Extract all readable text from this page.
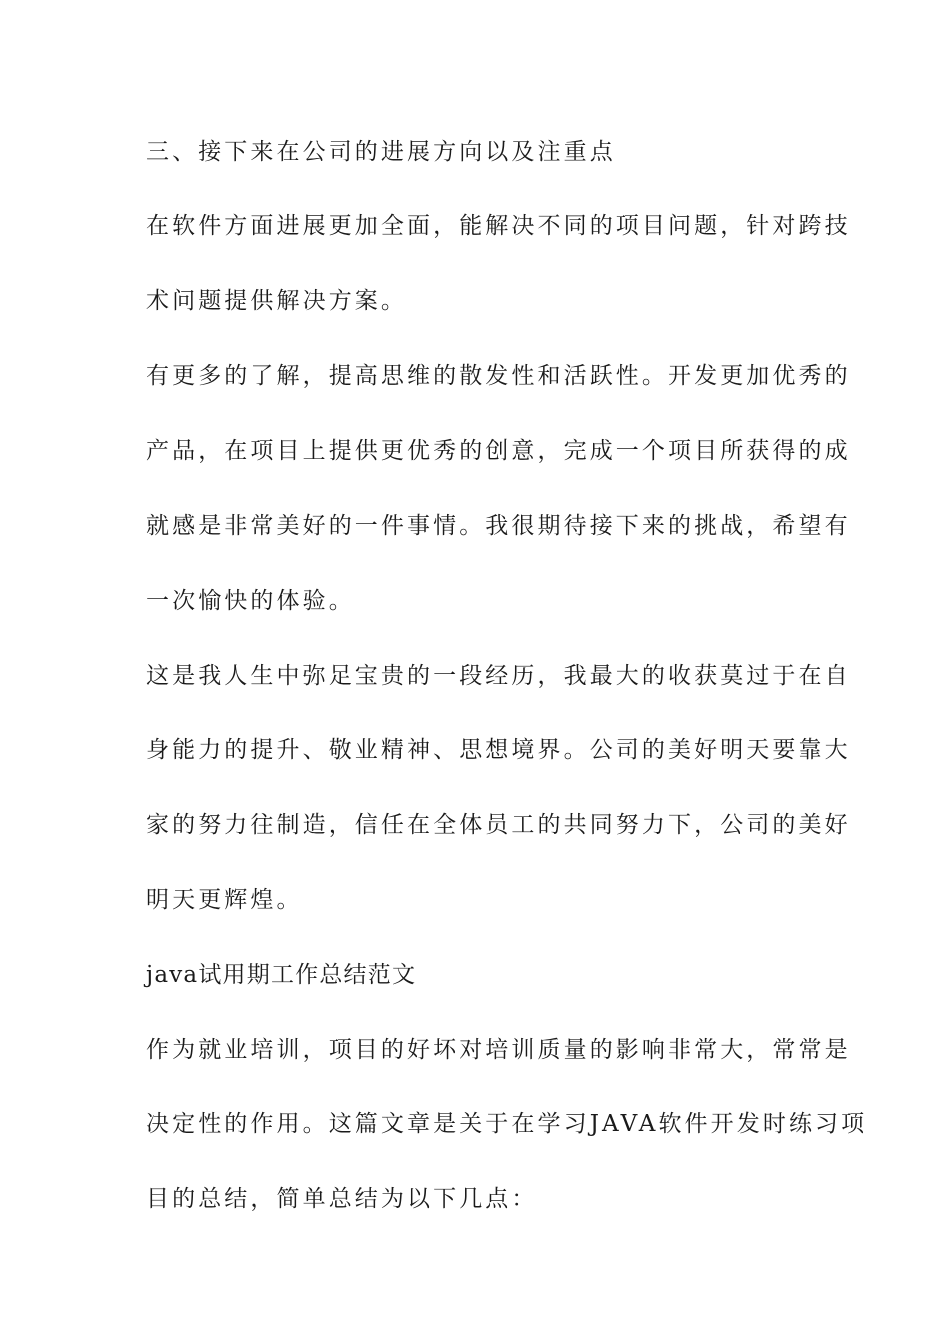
三、接下来在公司的进展方向以及注重点
在软件方面进展更加全面，能解决不同的项目问题，针对跨技
术问题提供解决方案。
有更多的了解，提高思维的散发性和活跃性。开发更加优秀的
产品，在项目上提供更优秀的创意，完成一个项目所获得的成
就感是非常美好的一件事情。我很期待接下来的挑战，希望有
一次愉快的体验。
这是我人生中弥足宝贵的一段经历，我最大的收获莫过于在自
身能力的提升、敬业精神、思想境界。公司的美好明天要靠大
家的努力往制造，信任在全体员工的共同努力下，公司的美好
明天更辉煌。
java试用期工作总结范文
作为就业培训，项目的好坏对培训质量的影响非常大，常常是
决定性的作用。这篇文章是关于在学习JAVA软件开发时练习项
目的总结，简单总结为以下几点：
